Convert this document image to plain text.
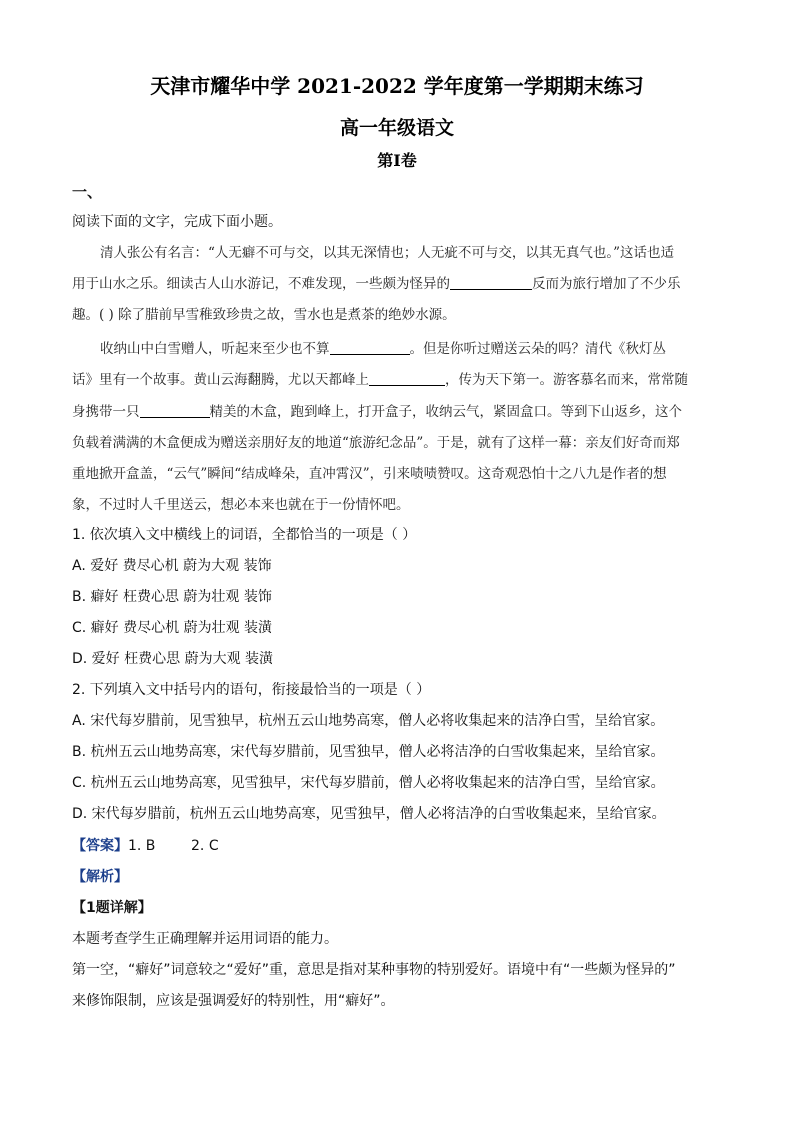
天津市耀华中学 2021-2022 学年度第一学期期末练习
高一年级语文
第Ⅰ卷
一、
阅读下面的文字，完成下面小题。
清人张公有名言：“人无癖不可与交，以其无深情也；人无疵不可与交，以其无真气也。”这话也适
用于山水之乐。细读古人山水游记，不难发现，一些颇为怪异的	反而为旅行增加了不少乐
趣。( ) 除了腊前早雪稚致珍贵之故，雪水也是煮茶的绝妙水源。
收纳山中白雪赠人，听起来至少也不算	。但是你听过赠送云朵的吗？清代《秋灯丛
话》里有一个故事。黄山云海翻腾，尤以天都峰上	，传为天下第一。游客慕名而来，常常随
身携带一只	精美的木盒，跑到峰上，打开盒子，收纳云气，紧固盒口。等到下山返乡，这个
负载着满满的木盒便成为赠送亲朋好友的地道“旅游纪念品”。于是，就有了这样一幕：亲友们好奇而郑
重地掀开盒盖，“云气”瞬间“结成峰朵，直冲霄汉”，引来啧啧赞叹。这奇观恐怕十之八九是作者的想
象，不过时人千里送云，想必本来也就在于一份情怀吧。
1. 依次填入文中横线上的词语，全都恰当的一项是（ ）
A. 爱好 费尽心机 蔚为大观 装饰
B. 癖好 枉费心思 蔚为壮观 装饰
C. 癖好 费尽心机 蔚为壮观 装潢
D. 爱好 枉费心思 蔚为大观 装潢
2. 下列填入文中括号内的语句，衔接最恰当的一项是（ ）
A. 宋代每岁腊前，见雪独早，杭州五云山地势高寒，僧人必将收集起来的洁净白雪，呈给官家。
B. 杭州五云山地势高寒，宋代每岁腊前，见雪独早，僧人必将洁净的白雪收集起来，呈给官家。
C. 杭州五云山地势高寒，见雪独早，宋代每岁腊前，僧人必将收集起来的洁净白雪，呈给官家。
D. 宋代每岁腊前，杭州五云山地势高寒，见雪独早，僧人必将洁净的白雪收集起来，呈给官家。
【答案】1. B        2. C
【解析】
【1题详解】
本题考查学生正确理解并运用词语的能力。
第一空，“癖好”词意较之“爱好”重，意思是指对某种事物的特别爱好。语境中有“一些颇为怪异的”
来修饰限制，应该是强调爱好的特别性，用“癖好”。
